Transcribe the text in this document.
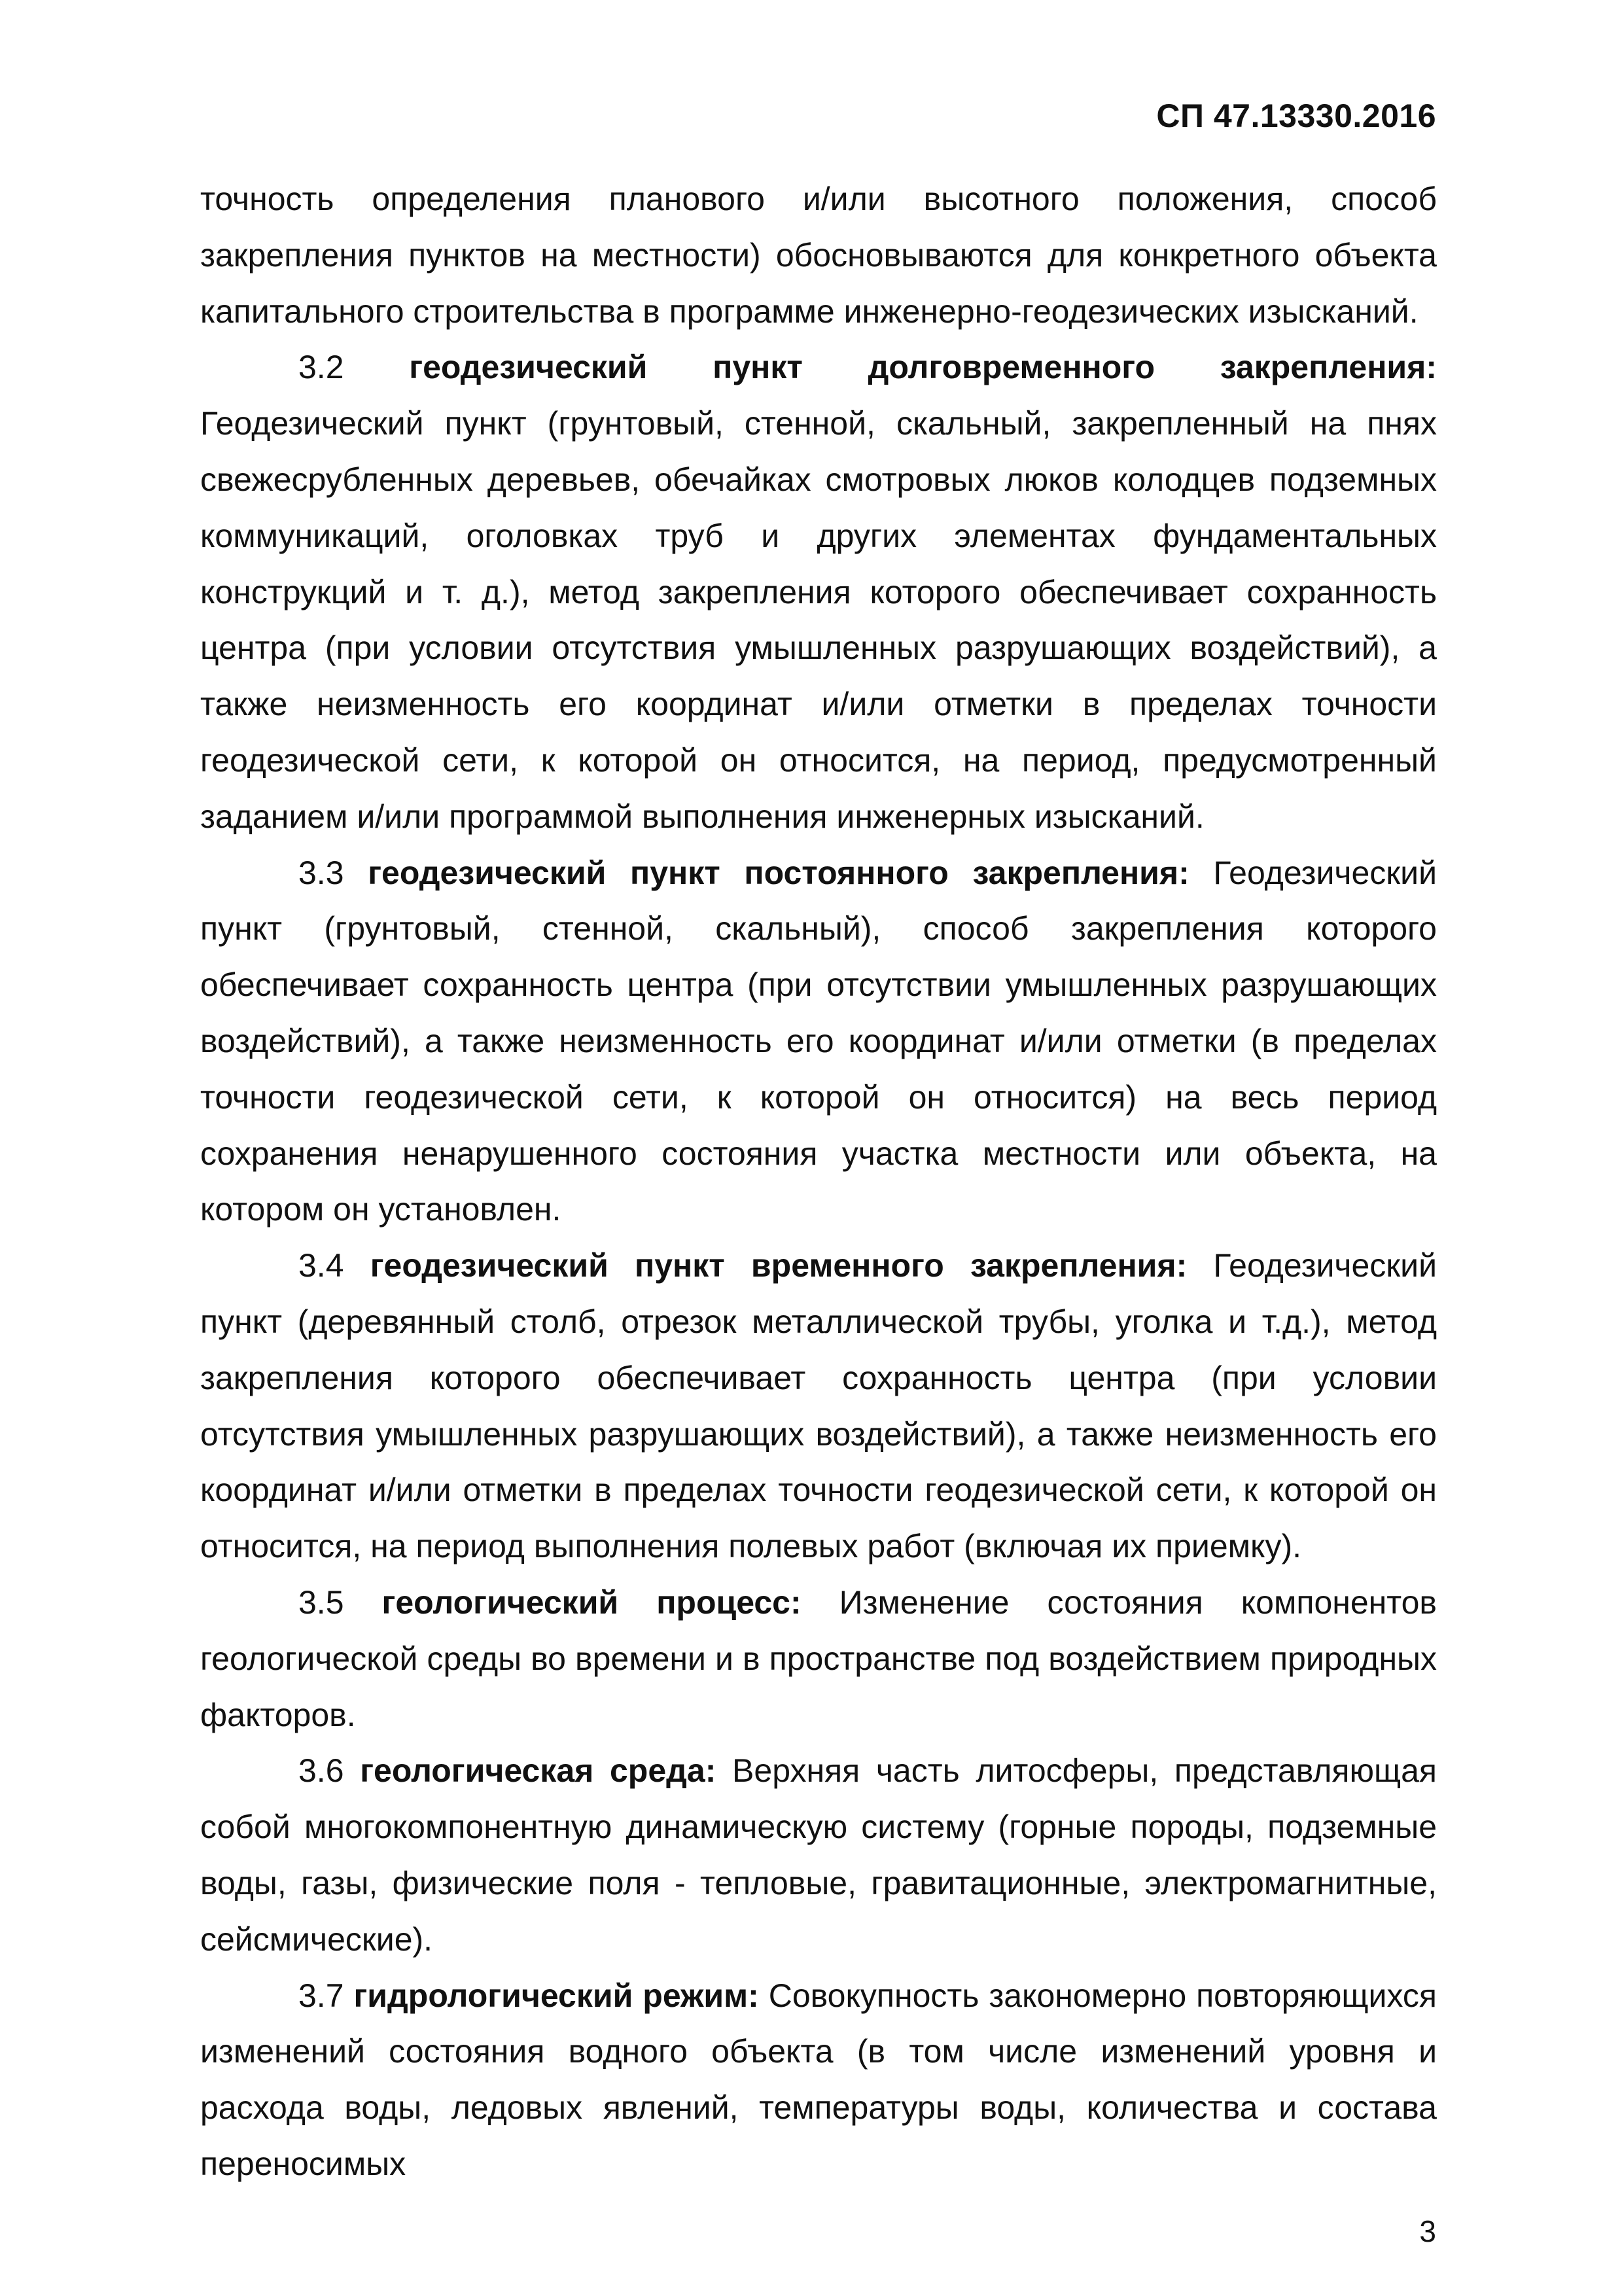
СП 47.13330.2016

точность определения планового и/или высотного положения, способ закрепления пунктов на местности) обосновываются для конкретного объекта капитального строительства в программе инженерно-геодезических изысканий.

3.2 геодезический пункт долговременного закрепления: Геодезический пункт (грунтовый, стенной, скальный, закрепленный на пнях свежесрубленных деревьев, обечайках смотровых люков колодцев подземных коммуникаций, оголовках труб и других элементах фундаментальных конструкций и т. д.), метод закрепления которого обеспечивает сохранность центра (при условии отсутствия умышленных разрушающих воздействий), а также неизменность его координат и/или отметки в пределах точности геодезической сети, к которой он относится, на период, предусмотренный заданием и/или программой выполнения инженерных изысканий.

3.3 геодезический пункт постоянного закрепления: Геодезический пункт (грунтовый, стенной, скальный), способ закрепления которого обеспечивает сохранность центра (при отсутствии умышленных разрушающих воздействий), а также неизменность его координат и/или отметки (в пределах точности геодезической сети, к которой он относится) на весь период сохранения ненарушенного состояния участка местности или объекта, на котором он установлен.

3.4 геодезический пункт временного закрепления: Геодезический пункт (деревянный столб, отрезок металлической трубы, уголка и т.д.), метод закрепления которого обеспечивает сохранность центра (при условии отсутствия умышленных разрушающих воздействий), а также неизменность его координат и/или отметки в пределах точности геодезической сети, к которой он относится, на период выполнения полевых работ (включая их приемку).

3.5 геологический процесс: Изменение состояния компонентов геологической среды во времени и в пространстве под воздействием природных факторов.

3.6 геологическая среда: Верхняя часть литосферы, представляющая собой многокомпонентную динамическую систему (горные породы, подземные воды, газы, физические поля - тепловые, гравитационные, электромагнитные, сейсмические).

3.7 гидрологический режим: Совокупность закономерно повторяющихся изменений состояния водного объекта (в том числе изменений уровня и расхода воды, ледовых явлений, температуры воды, количества и состава переносимых

3
